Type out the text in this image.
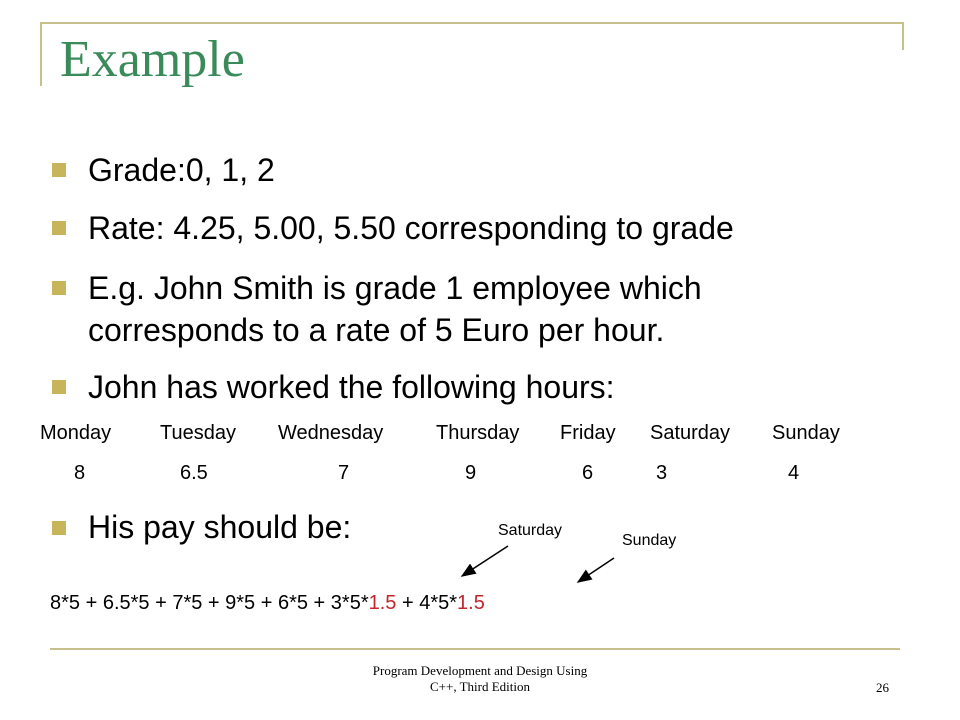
Example
Grade:0, 1, 2
Rate: 4.25, 5.00, 5.50 corresponding to grade
E.g. John Smith is grade 1 employee which
corresponds to a rate of 5 Euro per hour.
John has worked the following hours:
Monday Tuesday Wednesday	Thursday Friday Saturday Sunday
8	6.5	7	9	6	3	4
His pay should be:	Saturday
Sunday
8*5 + 6.5*5 + 7*5 + 9*5 + 6*5 + 3*5*1.5 + 4*5*1.5
Program Development and Design Using
C++, Third Edition	26
